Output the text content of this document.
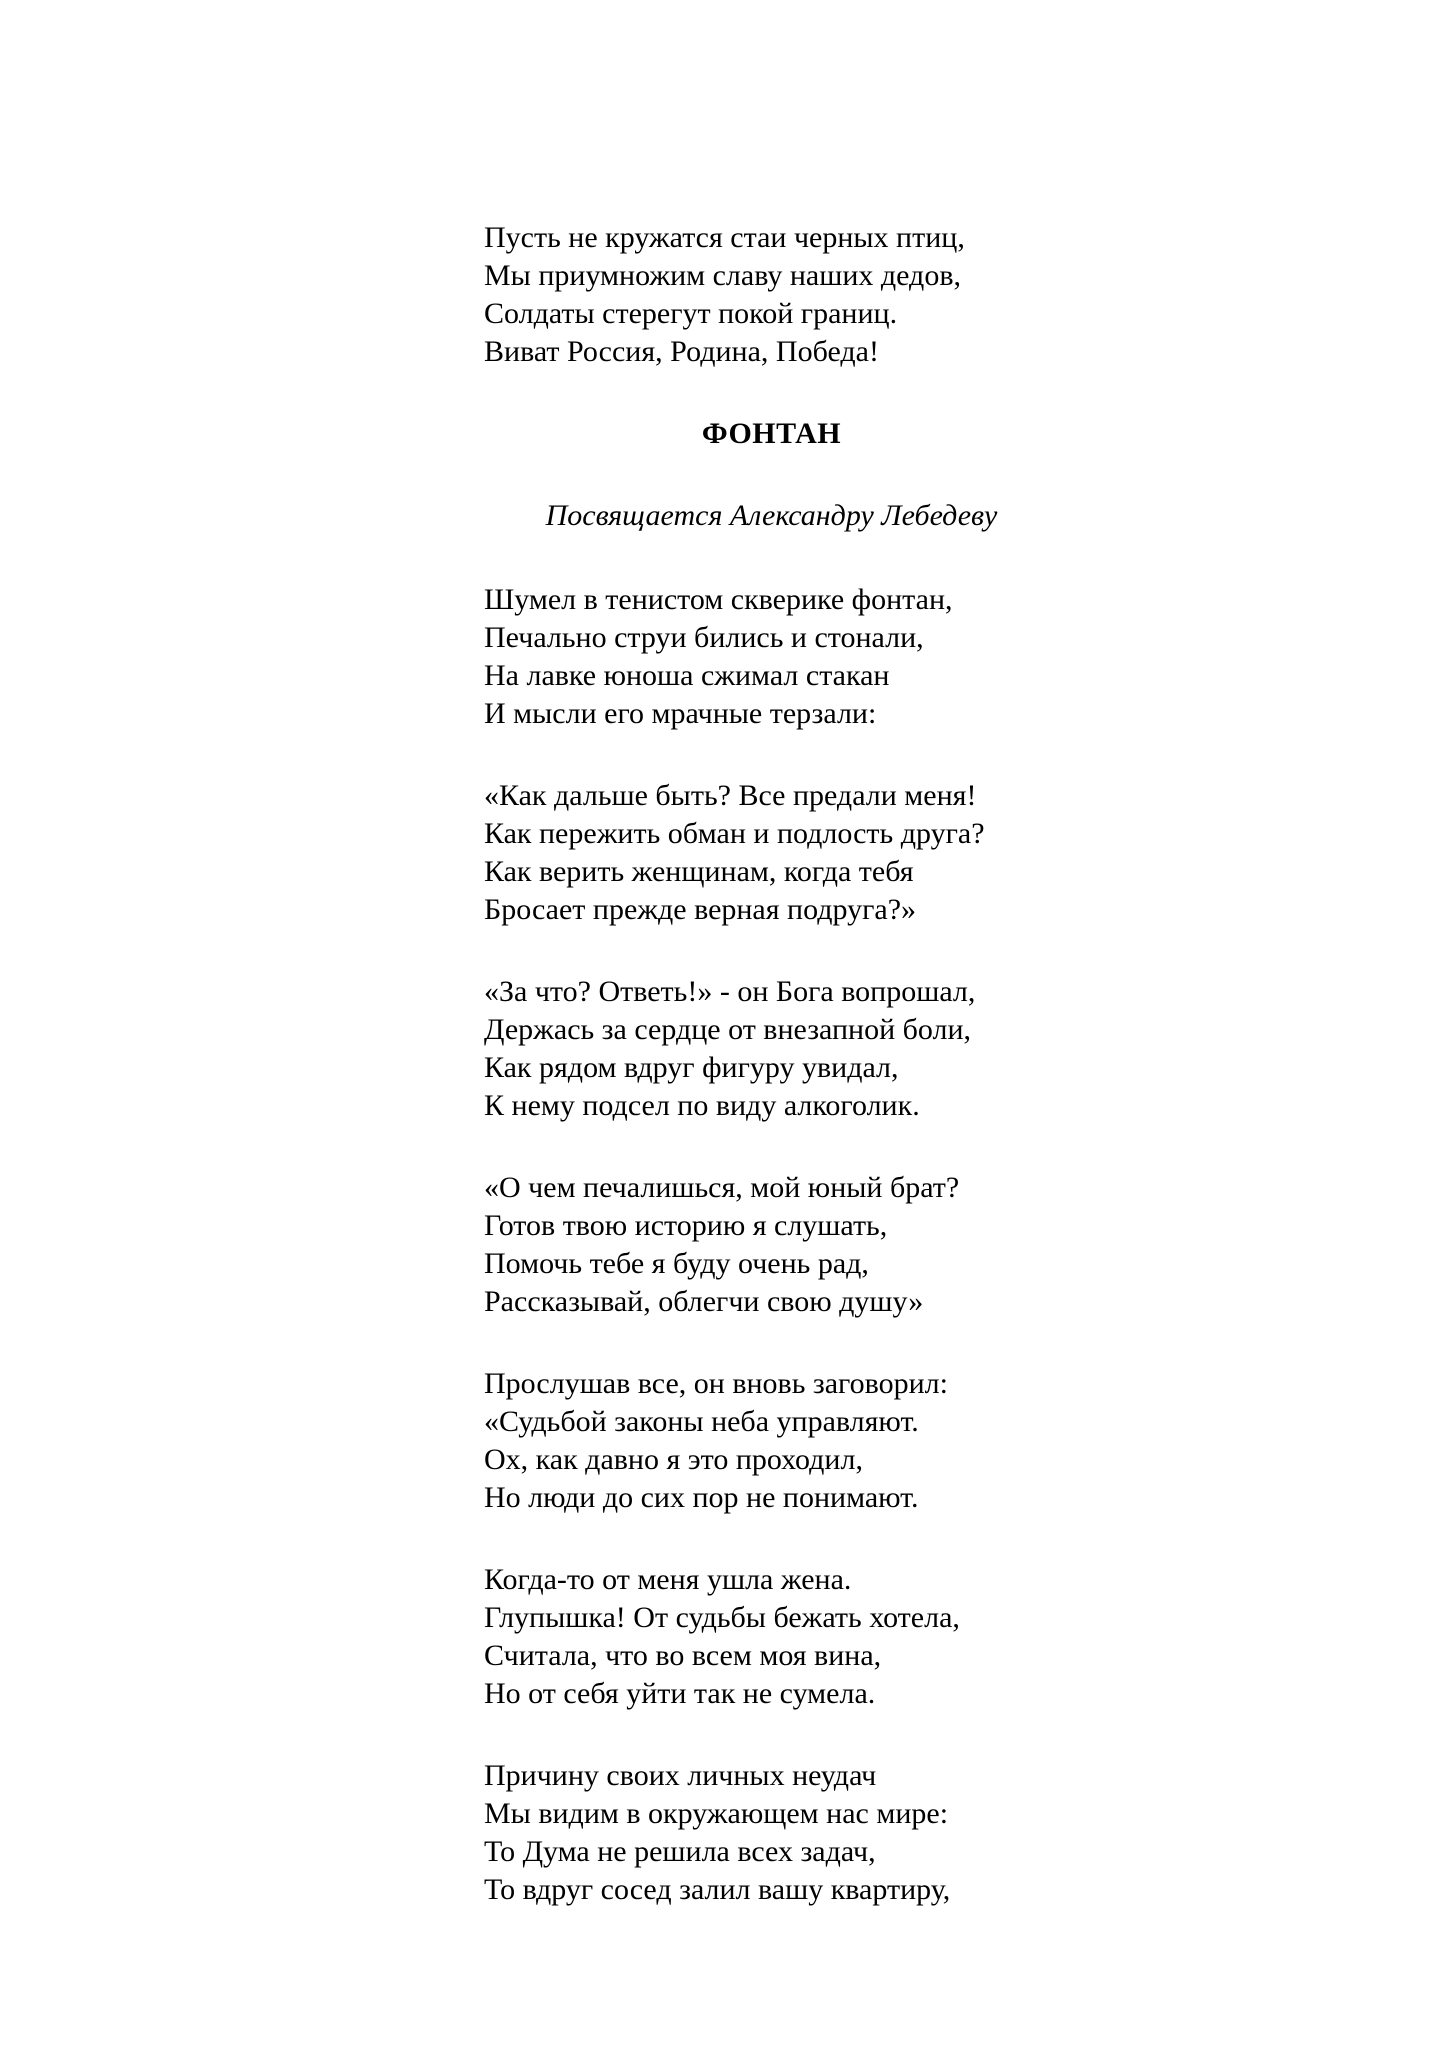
Пусть не кружатся стаи черных птиц,
Мы приумножим славу наших дедов,
Солдаты стерегут покой границ.
Виват Россия, Родина, Победа!
ФОНТАН
Посвящается Александру Лебедеву
Шумел в тенистом скверике фонтан,
Печально струи бились и стонали,
На лавке юноша сжимал стакан
И мысли его мрачные терзали:
«Как дальше быть? Все предали меня!
Как пережить обман и подлость друга?
Как верить женщинам, когда тебя
Бросает прежде верная подруга?»
«За что? Ответь!» - он Бога вопрошал,
Держась за сердце от внезапной боли,
Как рядом вдруг фигуру увидал,
К нему подсел по виду алкоголик.
«О чем печалишься, мой юный брат?
Готов твою историю я слушать,
Помочь тебе я буду очень рад,
Рассказывай, облегчи свою душу»
Прослушав все, он вновь заговорил:
«Судьбой законы неба управляют.
Ох, как давно я это проходил,
Но люди до сих пор не понимают.
Когда-то от меня ушла жена.
Глупышка! От судьбы бежать хотела,
Считала, что во всем моя вина,
Но от себя уйти так не сумела.
Причину своих личных неудач
Мы видим в окружающем нас мире:
То Дума не решила всех задач,
То вдруг сосед залил вашу квартиру,
